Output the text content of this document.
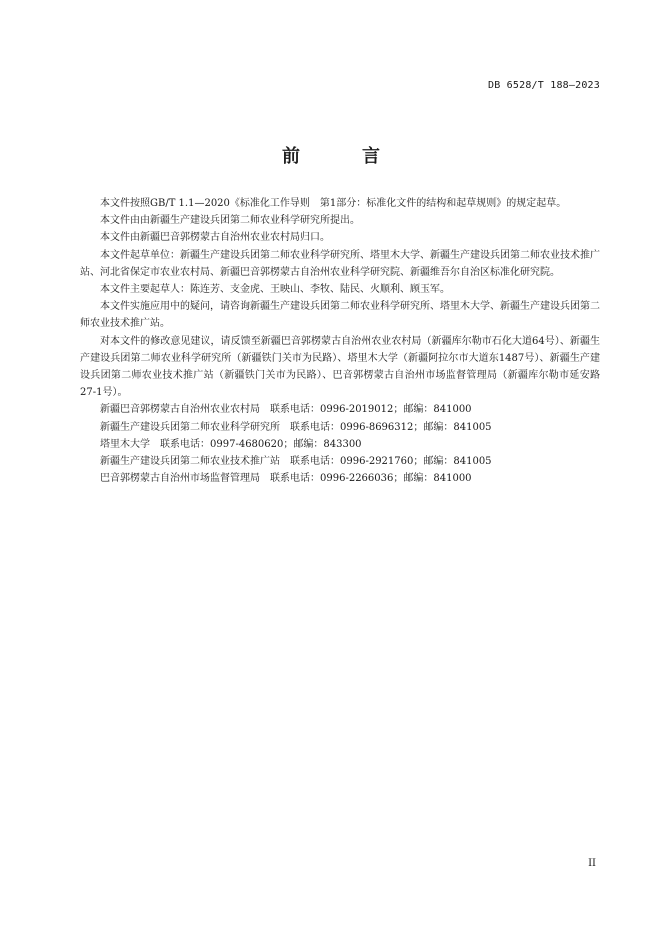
DB 6528/T 188—2023
前　言

本文件按照GB/T 1.1—2020《标准化工作导则　第1部分：标准化文件的结构和起草规则》的规定起草。

本文件由由新疆生产建设兵团第二师农业科学研究所提出。

本文件由新疆巴音郭楞蒙古自治州农业农村局归口。

本文件起草单位：新疆生产建设兵团第二师农业科学研究所、塔里木大学、新疆生产建设兵团第二师农业技术推广站、河北省保定市农业农村局、新疆巴音郭楞蒙古自治州农业科学研究院、新疆维吾尔自治区标准化研究院。

本文件主要起草人：陈连芳、支金虎、王映山、李牧、陆民、火顺利、顾玉军。

本文件实施应用中的疑问，请咨询新疆生产建设兵团第二师农业科学研究所、塔里木大学、新疆生产建设兵团第二师农业技术推广站。

对本文件的修改意见建议，请反馈至新疆巴音郭楞蒙古自治州农业农村局（新疆库尔勒市石化大道64号）、新疆生产建设兵团第二师农业科学研究所（新疆铁门关市为民路）、塔里木大学（新疆阿拉尔市大道东1487号）、新疆生产建设兵团第二师农业技术推广站（新疆铁门关市为民路）、巴音郭楞蒙古自治州市场监督管理局（新疆库尔勒市延安路27-1号）。

新疆巴音郭楞蒙古自治州农业农村局　联系电话：0996-2019012；邮编：841000
新疆生产建设兵团第二师农业科学研究所　联系电话：0996-8696312；邮编：841005
塔里木大学　联系电话：0997-4680620；邮编：843300
新疆生产建设兵团第二师农业技术推广站　联系电话：0996-2921760；邮编：841005
巴音郭楞蒙古自治州市场监督管理局　联系电话：0996-2266036；邮编：841000
II
